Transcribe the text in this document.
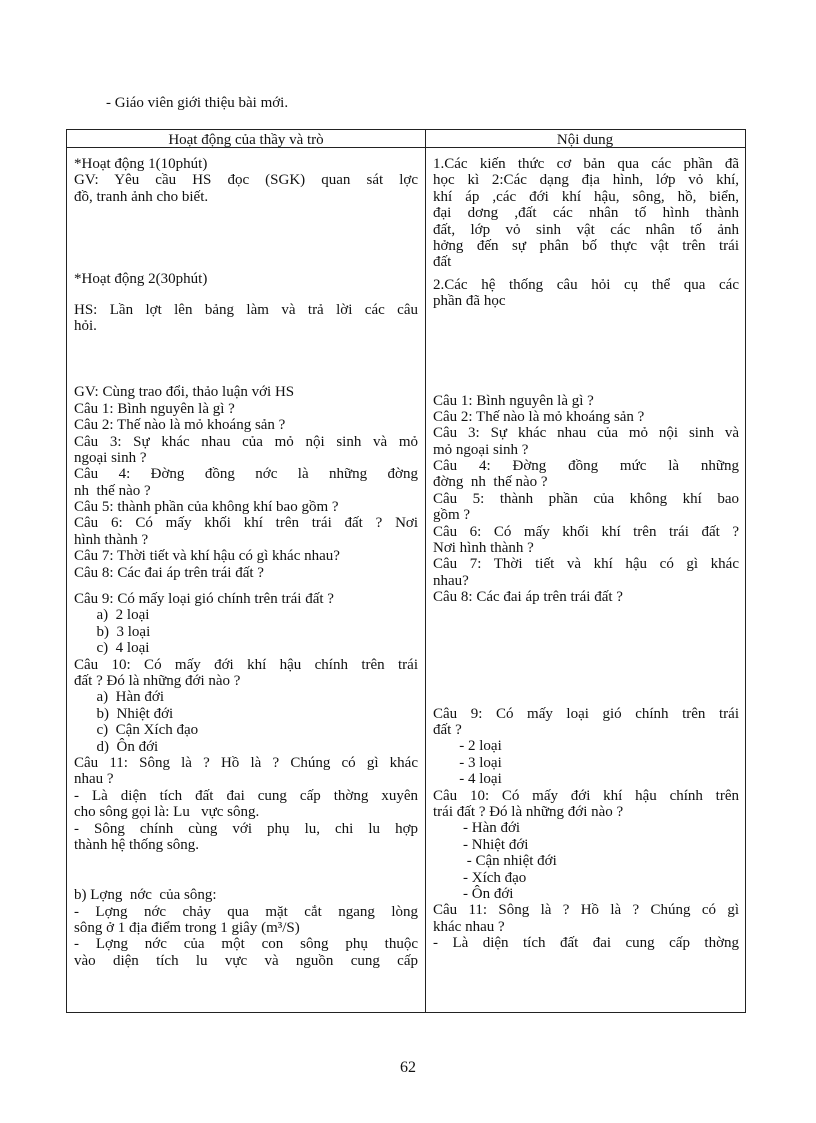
- Giáo viên giới thiệu bài mới.
Hoạt động của thầy và trò	Nội dung
*Hoạt động 1(10phút)
GV: Yêu cầu HS đọc (SGK) quan sát lợc
đồ, tranh ảnh cho biết.
*Hoạt động 2(30phút)
HS: Lần lợt lên bảng làm và trả lời các câu
hỏi.
GV: Cùng trao đổi, thảo luận với HS
Câu 1: Bình nguyên là gì ?
Câu 2: Thế nào là mỏ khoáng sản ?
Câu 3: Sự khác nhau của mỏ nội sinh và mỏ
ngoại sinh ?
Câu 4: Đờng đồng nớc là những đờng
nh  thế nào ?
Câu 5: thành phần của không khí bao gồm ?
Câu 6: Có mấy khối khí trên trái đất ? Nơi
hình thành ?
Câu 7: Thời tiết và khí hậu có gì khác nhau?
Câu 8: Các đai áp trên trái đất ?
Câu 9: Có mấy loại gió chính trên trái đất ?
a)  2 loại
b)  3 loại
c)  4 loại
Câu 10: Có mấy đới khí hậu chính trên trái
đất ? Đó là những đới nào ?
a)  Hàn đới
b)  Nhiệt đới
c)  Cận Xích đạo
d)  Ôn đới
Câu 11: Sông là ? Hồ là ? Chúng có gì khác
nhau ?
- Là diện tích đất đai cung cấp thờng xuyên
cho sông gọi là: Lu   vực sông.
- Sông chính cùng với phụ lu, chi lu hợp
thành hệ thống sông.
b) Lợng  nớc  của sông:
- Lợng nớc chảy qua mặt cắt ngang lòng
sông ở 1 địa điểm trong 1 giây (m³/S)
- Lợng nớc của một con sông phụ thuộc
vào diện tích lu vực và nguồn cung cấp
1.Các kiến thức cơ bản qua các phần đã
học kì 2:Các dạng địa hình, lớp vỏ khí,
khí áp ,các đới khí hậu, sông, hồ, biển,
đại dơng ,đất các nhân tố hình thành
đất, lớp vỏ sinh vật các nhân tố ảnh
hởng đến sự phân bố thực vật trên trái
đất
2.Các hệ thống câu hỏi cụ thể qua các
phần đã học
Câu 1: Bình nguyên là gì ?
Câu 2: Thế nào là mỏ khoáng sản ?
Câu 3: Sự khác nhau của mỏ nội sinh và
mỏ ngoại sinh ?
Câu 4: Đờng đồng mức là những
đờng  nh  thế nào ?
Câu 5: thành phần của không khí bao
gồm ?
Câu 6: Có mấy khối khí trên trái đất ?
Nơi hình thành ?
Câu 7: Thời tiết và khí hậu có gì khác
nhau?
Câu 8: Các đai áp trên trái đất ?
Câu 9: Có mấy loại gió chính trên trái
đất ?
- 2 loại
- 3 loại
- 4 loại
Câu 10: Có mấy đới khí hậu chính trên
trái đất ? Đó là những đới nào ?
- Hàn đới
- Nhiệt đới
- Cận nhiệt đới
- Xích đạo
- Ôn đới
Câu 11: Sông là ? Hồ là ? Chúng có gì
khác nhau ?
- Là diện tích đất đai cung cấp thờng
62
